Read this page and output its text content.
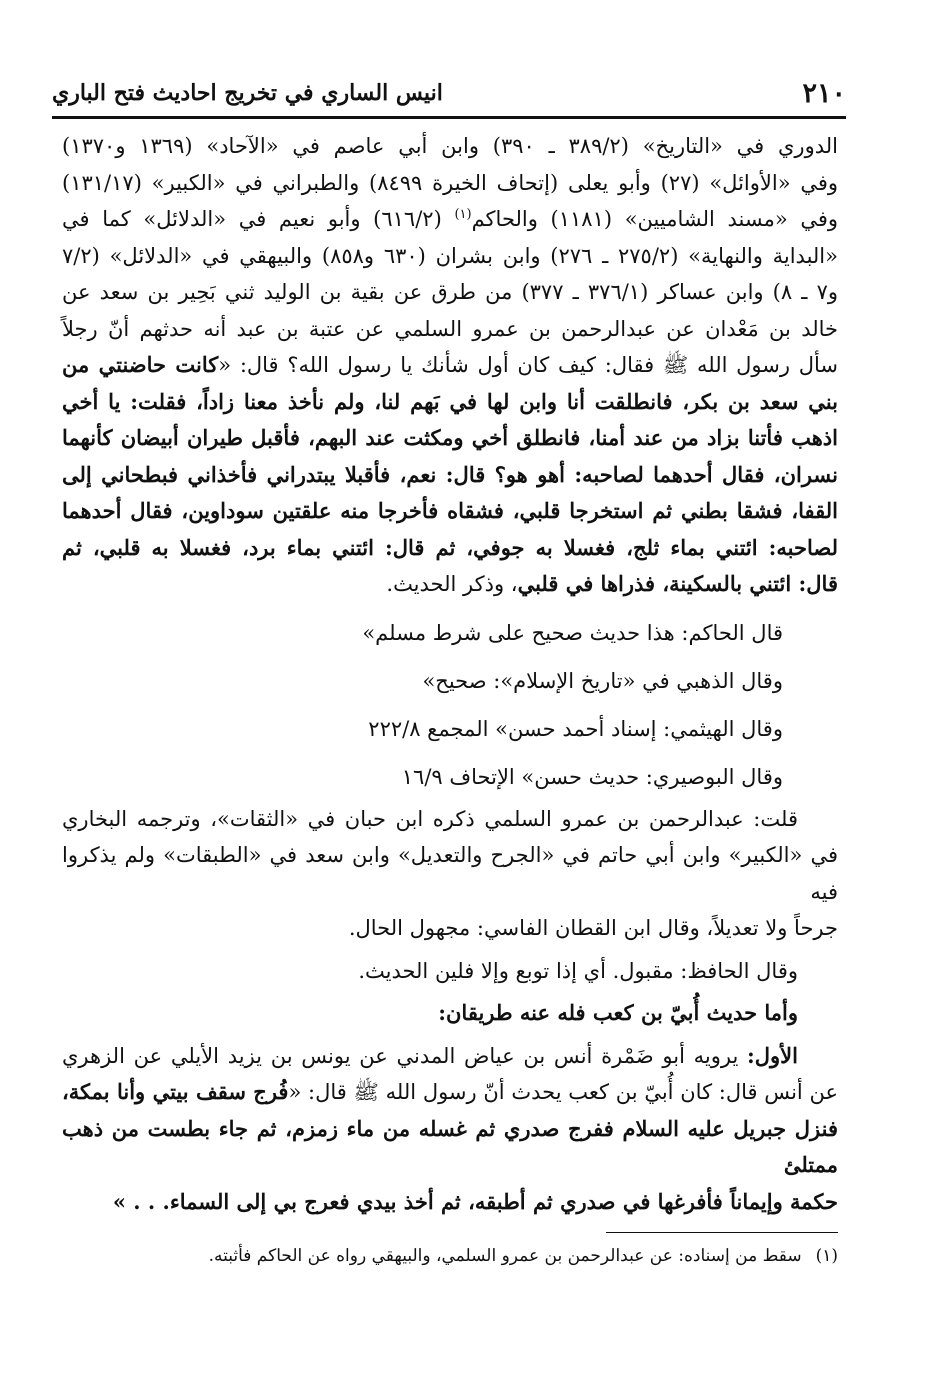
٢١٠
انيس الساري في تخريج احاديث فتح الباري

الدوري في «التاريخ» (٣٨٩/٢ ـ ٣٩٠) وابن أبي عاصم في «الآحاد» (١٣٦٩ و١٣٧٠)
وفي «الأوائل» (٢٧) وأبو يعلى (إتحاف الخيرة ٨٤٩٩) والطبراني في «الكبير» (١٣١/١٧)
وفي «مسند الشاميين» (١١٨١) والحاكم$^{(١)}$ (٦١٦/٢) وأبو نعيم في «الدلائل» كما في
«البداية والنهاية» (٢٧٥/٢ ـ ٢٧٦) وابن بشران (٦٣٠ و٨٥٨) والبيهقي في «الدلائل» (٧/٢
و٧ ـ ٨) وابن عساكر (٣٧٦/١ ـ ٣٧٧) من طرق عن بقية بن الوليد ثني بَحِير بن سعد عن
خالد بن مَعْدان عن عبدالرحمن بن عمرو السلمي عن عتبة بن عبد أنه حدثهم أنّ رجلاً
سأل رسول الله ﷺ فقال: كيف كان أول شأنك يا رسول الله؟ قال: «كانت حاضنتي من
بني سعد بن بكر، فانطلقت أنا وابن لها في بَهم لنا، ولم نأخذ معنا زاداً، فقلت: يا أخي
اذهب فأتنا بزاد من عند أمنا، فانطلق أخي ومكثت عند البهم، فأقبل طيران أبيضان كأنهما
نسران، فقال أحدهما لصاحبه: أهو هو؟ قال: نعم، فأقبلا يبتدراني فأخذاني فبطحاني إلى
القفا، فشقا بطني ثم استخرجا قلبي، فشقاه فأخرجا منه علقتين سوداوين، فقال أحدهما
لصاحبه: ائتني بماء ثلج، فغسلا به جوفي، ثم قال: ائتني بماء برد، فغسلا به قلبي، ثم
قال: ائتني بالسكينة، فذراها في قلبي، وذكر الحديث.

قال الحاكم: هذا حديث صحيح على شرط مسلم»
وقال الذهبي في «تاريخ الإسلام»: صحيح»
وقال الهيثمي: إسناد أحمد حسن» المجمع ٢٢٢/٨
وقال البوصيري: حديث حسن» الإتحاف ١٦/٩

قلت: عبدالرحمن بن عمرو السلمي ذكره ابن حبان في «الثقات»، وترجمه البخاري
في «الكبير» وابن أبي حاتم في «الجرح والتعديل» وابن سعد في «الطبقات» ولم يذكروا فيه
جرحاً ولا تعديلاً، وقال ابن القطان الفاسي: مجهول الحال.

وقال الحافظ: مقبول. أي إذا توبع وإلا فلين الحديث.

وأما حديث أُبيّ بن كعب فله عنه طريقان:

الأول: يرويه أبو ضَمْرة أنس بن عياض المدني عن يونس بن يزيد الأيلي عن الزهري
عن أنس قال: كان أُبيّ بن كعب يحدث أنّ رسول الله ﷺ قال: «فُرج سقف بيتي وأنا بمكة،
فنزل جبريل عليه السلام ففرج صدري ثم غسله من ماء زمزم، ثم جاء بطست من ذهب ممتلئ
حكمة وإيماناً فأفرغها في صدري ثم أطبقه، ثم أخذ بيدي فعرج بي إلى السماء. . . »

(١)سقط من إسناده: عن عبدالرحمن بن عمرو السلمي، والبيهقي رواه عن الحاكم فأثبته.
